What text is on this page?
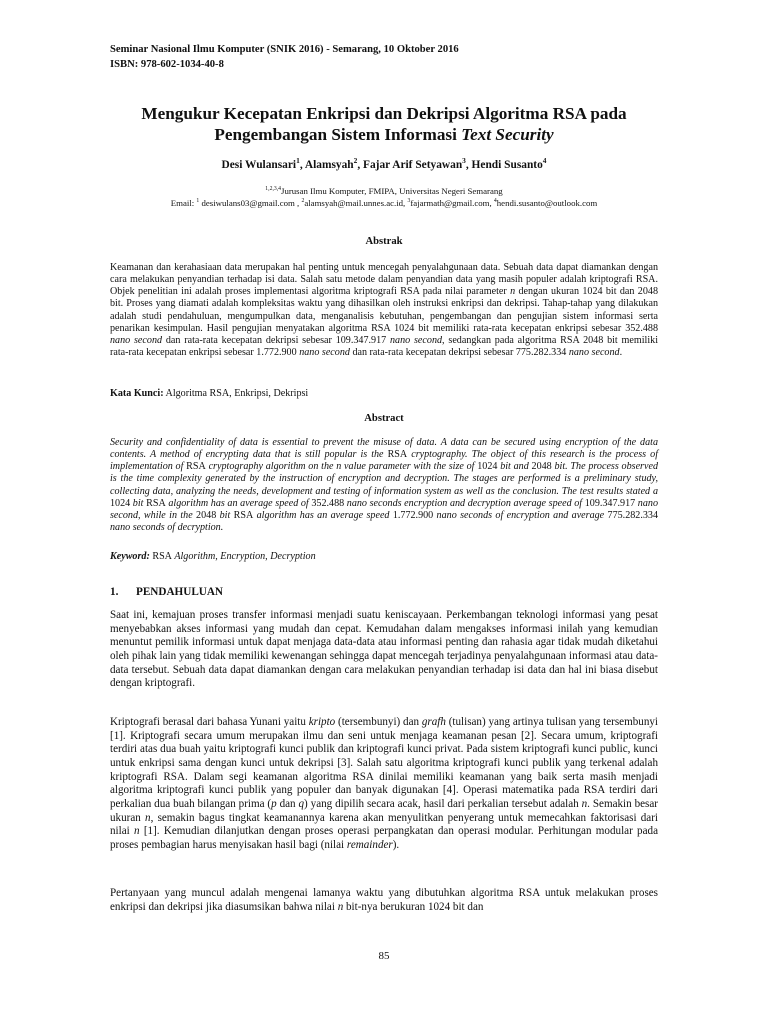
Seminar Nasional Ilmu Komputer (SNIK 2016) - Semarang, 10 Oktober 2016
ISBN: 978-602-1034-40-8
Mengukur Kecepatan Enkripsi dan Dekripsi Algoritma RSA pada
Pengembangan Sistem Informasi Text Security
Desi Wulansari$^1$, Alamsyah$^2$, Fajar Arif Setyawan$^3$, Hendi Susanto$^4$
$^{1,2,3,4}$Jurusan Ilmu Komputer, FMIPA, Universitas Negeri Semarang
Email: $^1$ desiwulans03@gmail.com , $^2$alamsyah@mail.unnes.ac.id, $^3$fajarmath@gmail.com, $^4$hendi.susanto@outlook.com
Abstrak

Keamanan dan kerahasiaan data merupakan hal penting untuk mencegah penyalahgunaan data. Sebuah data dapat diamankan dengan cara melakukan penyandian terhadap isi data. Salah satu metode dalam penyandian data yang masih populer adalah kriptografi RSA. Objek penelitian ini adalah proses implementasi algoritma kriptografi RSA pada nilai parameter n dengan ukuran 1024 bit dan 2048 bit. Proses yang diamati adalah kompleksitas waktu yang dihasilkan oleh instruksi enkripsi dan dekripsi. Tahap-tahap yang dilakukan adalah studi pendahuluan, mengumpulkan data, menganalisis kebutuhan, pengembangan dan pengujian sistem informasi serta penarikan kesimpulan. Hasil pengujian menyatakan algoritma RSA 1024 bit memiliki rata-rata kecepatan enkripsi sebesar 352.488 nano second dan rata-rata kecepatan dekripsi sebesar 109.347.917 nano second, sedangkan pada algoritma RSA 2048 bit memiliki rata-rata kecepatan enkripsi sebesar 1.772.900 nano second dan rata-rata kecepatan dekripsi sebesar 775.282.334 nano second.

Kata Kunci: Algoritma RSA, Enkripsi, Dekripsi
Abstract

Security and confidentiality of data is essential to prevent the misuse of data. A data can be secured using encryption of the data contents. A method of encrypting data that is still popular is the RSA cryptography. The object of this research is the process of implementation of RSA cryptography algorithm on the n value parameter with the size of 1024 bit and 2048 bit. The process observed is the time complexity generated by the instruction of encryption and decryption. The stages are performed is a preliminary study, collecting data, analyzing the needs, development and testing of information system as well as the conclusion. The test results stated a 1024 bit RSA algorithm has an average speed of 352.488 nano seconds encryption and decryption average speed of 109.347.917 nano second, while in the 2048 bit RSA algorithm has an average speed 1.772.900 nano seconds of encryption and average 775.282.334 nano seconds of decryption.

Keyword: RSA Algorithm, Encryption, Decryption
1. PENDAHULUAN

Saat ini, kemajuan proses transfer informasi menjadi suatu keniscayaan. Perkembangan teknologi informasi yang pesat menyebabkan akses informasi yang mudah dan cepat. Kemudahan dalam mengakses informasi inilah yang kemudian menuntut pemilik informasi untuk dapat menjaga data-data atau informasi penting dan rahasia agar tidak mudah diketahui oleh pihak lain yang tidak memiliki kewenangan sehingga dapat mencegah terjadinya penyalahgunaan informasi atau data-data tersebut. Sebuah data dapat diamankan dengan cara melakukan penyandian terhadap isi data dan hal ini biasa disebut dengan kriptografi.

Kriptografi berasal dari bahasa Yunani yaitu kripto (tersembunyi) dan grafh (tulisan) yang artinya tulisan yang tersembunyi [1]. Kriptografi secara umum merupakan ilmu dan seni untuk menjaga keamanan pesan [2]. Secara umum, kriptografi terdiri atas dua buah yaitu kriptografi kunci publik dan kriptografi kunci privat. Pada sistem kriptografi kunci public, kunci untuk enkripsi sama dengan kunci untuk dekripsi [3]. Salah satu algoritma kriptografi kunci publik yang terkenal adalah kriptografi RSA. Dalam segi keamanan algoritma RSA dinilai memiliki keamanan yang baik serta masih menjadi algoritma kriptografi kunci publik yang populer dan banyak digunakan [4]. Operasi matematika pada RSA terdiri dari perkalian dua buah bilangan prima (p dan q) yang dipilih secara acak, hasil dari perkalian tersebut adalah n. Semakin besar ukuran n, semakin bagus tingkat keamanannya karena akan menyulitkan penyerang untuk memecahkan faktorisasi dari nilai n [1]. Kemudian dilanjutkan dengan proses operasi perpangkatan dan operasi modular. Perhitungan modular pada proses pembagian harus menyisakan hasil bagi (nilai remainder).

Pertanyaan yang muncul adalah mengenai lamanya waktu yang dibutuhkan algoritma RSA untuk melakukan proses enkripsi dan dekripsi jika diasumsikan bahwa nilai n bit-nya berukuran 1024 bit dan

85
